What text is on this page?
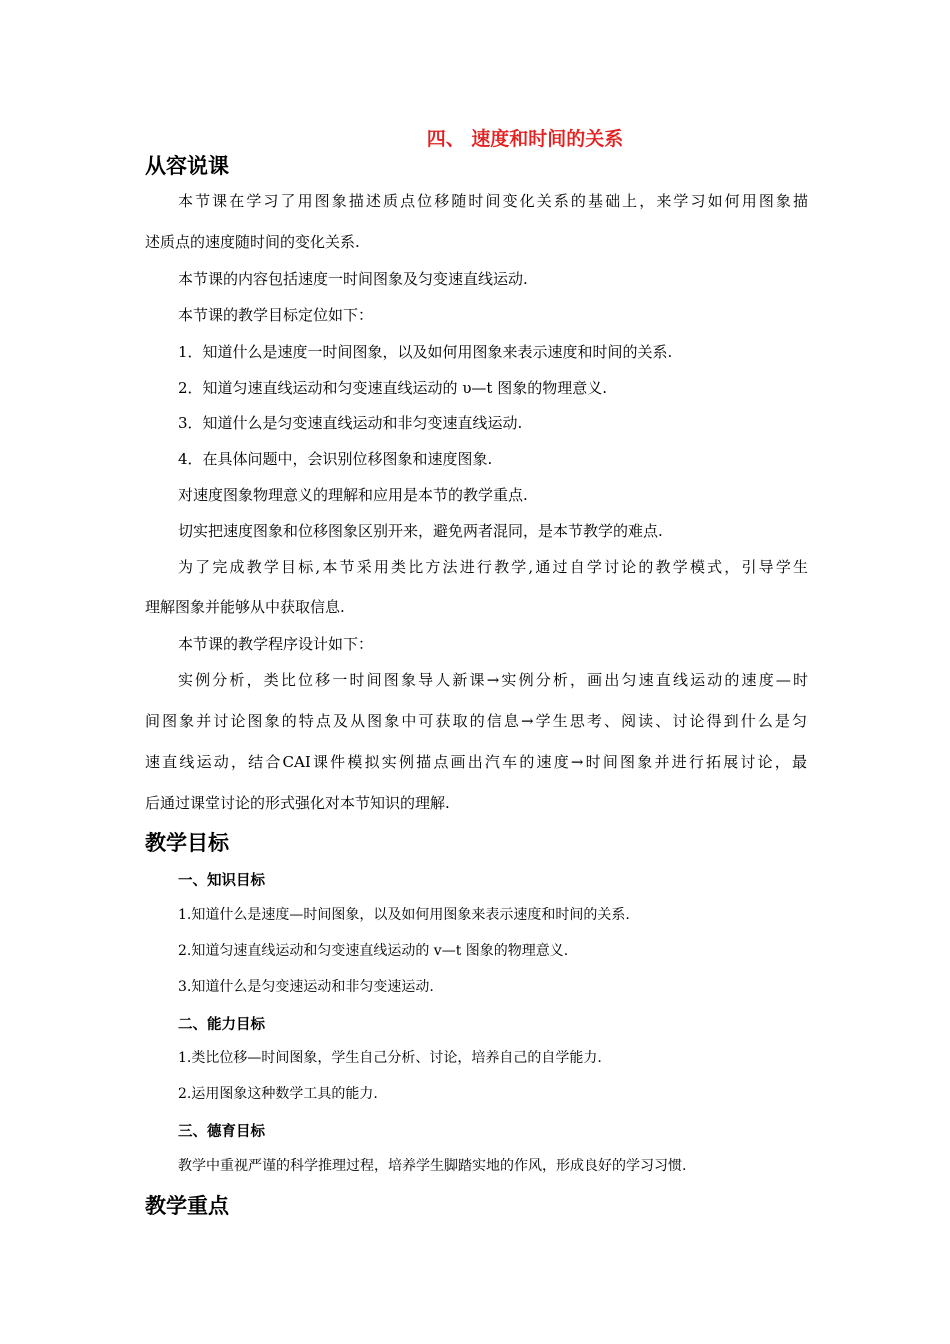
四、 速度和时间的关系
从容说课
本节课在学习了用图象描述质点位移随时间变化关系的基础上，来学习如何用图象描
述质点的速度随时间的变化关系.
本节课的内容包括速度一时间图象及匀变速直线运动.
本节课的教学目标定位如下：
1．知道什么是速度一时间图象，以及如何用图象来表示速度和时间的关系.
2．知道匀速直线运动和匀变速直线运动的 υ—t 图象的物理意义.
3．知道什么是匀变速直线运动和非匀变速直线运动.
4．在具体问题中，会识别位移图象和速度图象.
对速度图象物理意义的理解和应用是本节的教学重点.
切实把速度图象和位移图象区别开来，避免两者混同，是本节教学的难点.
为了完成教学目标,本节采用类比方法进行教学,通过自学讨论的教学模式，引导学生
理解图象并能够从中获取信息.
本节课的教学程序设计如下：
实例分析，类比位移一时间图象导人新课→实例分析，画出匀速直线运动的速度—时
间图象并讨论图象的特点及从图象中可获取的信息→学生思考、阅读、讨论得到什么是匀
速直线运动，结合CAI课件模拟实例描点画出汽车的速度→时间图象并进行拓展讨论，最
后通过课堂讨论的形式强化对本节知识的理解.
教学目标
一、知识目标
1.知道什么是速度—时间图象，以及如何用图象来表示速度和时间的关系.
2.知道匀速直线运动和匀变速直线运动的 v—t 图象的物理意义.
3.知道什么是匀变速运动和非匀变速运动.
二、能力目标
1.类比位移—时间图象，学生自己分析、讨论，培养自己的自学能力.
2.运用图象这种数学工具的能力.
三、德育目标
教学中重视严谨的科学推理过程，培养学生脚踏实地的作风，形成良好的学习习惯.
教学重点
